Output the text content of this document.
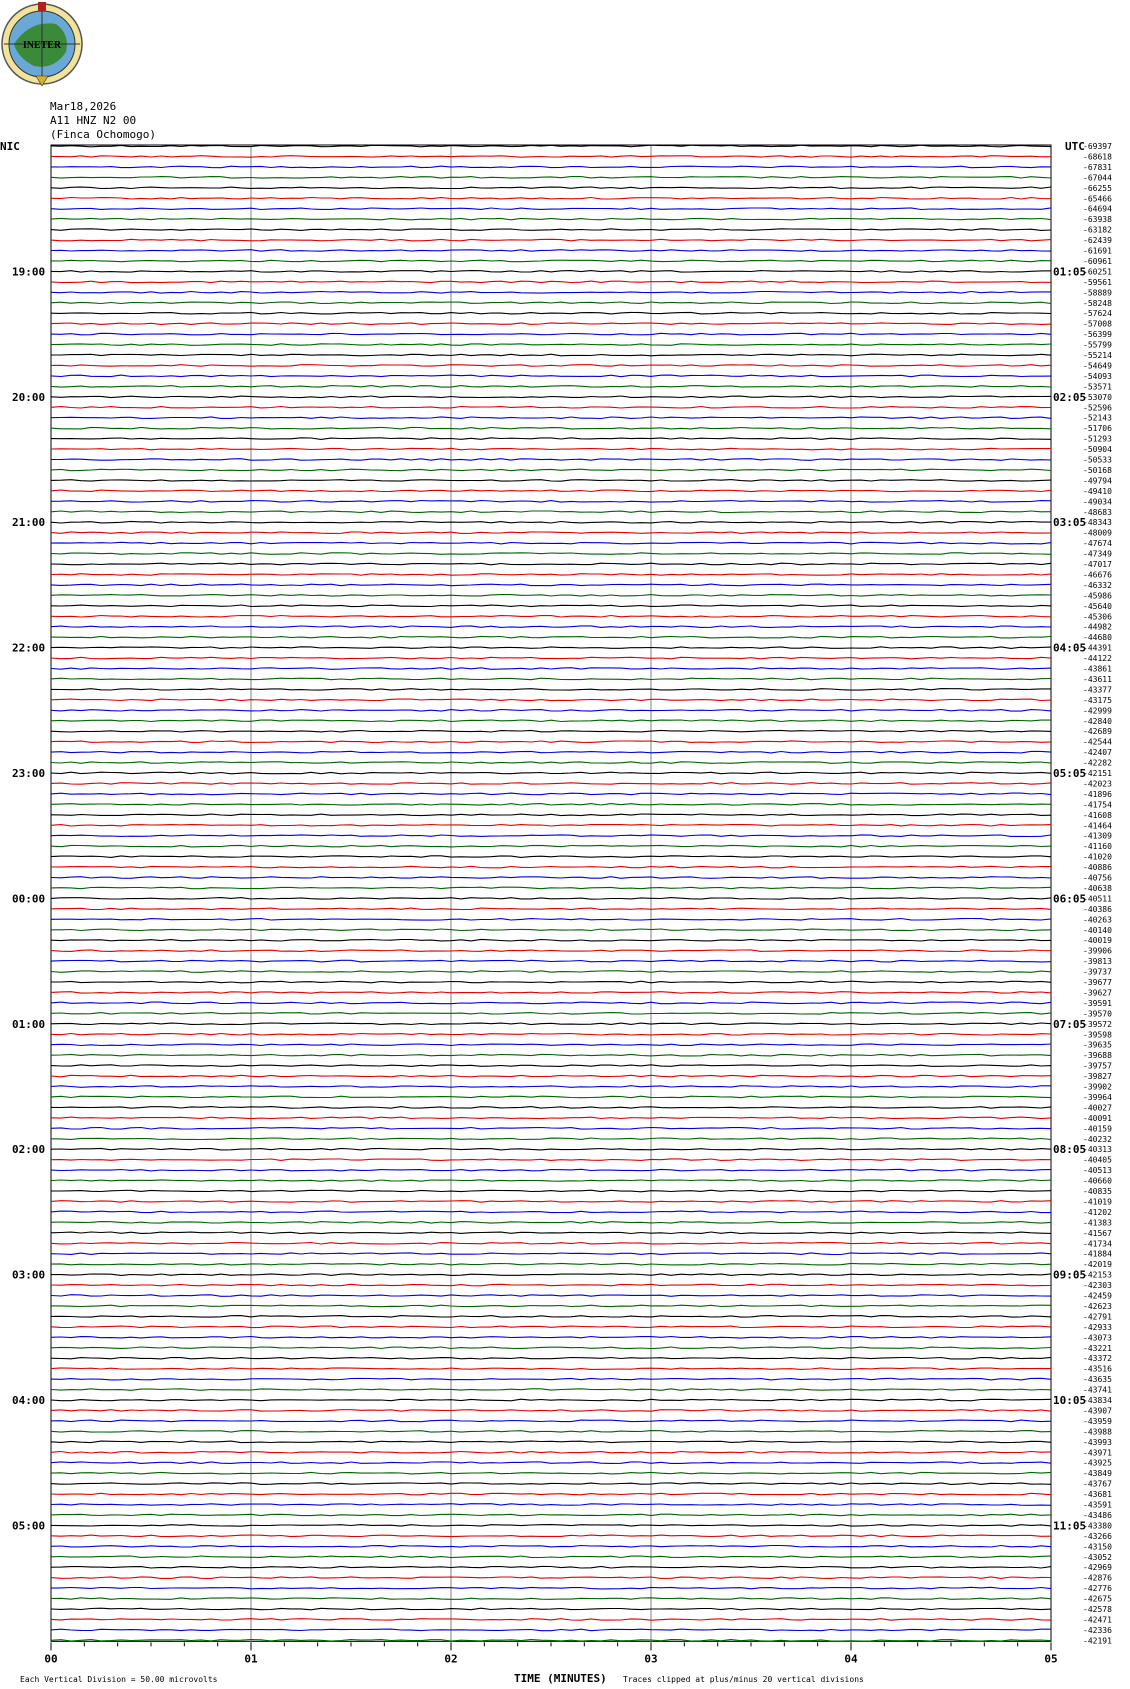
INETER
Mar18,2026
A11 HNZ N2 00
(Finca Ochomogo)
-69397
-68618
-67831
-67044
-66255
-65466
-64694
-63938
-63182
-62439
-61691
-60961
-60251
-59561
-58889
-58248
-57624
-57008
-56399
-55799
-55214
-54649
-54093
-53571
-53070
-52596
-52143
-51706
-51293
-50904
-50533
-50168
-49794
-49410
-49034
-48683
-48343
-48009
-47674
-47349
-47017
-46676
-46332
-45986
-45640
-45306
-44982
-44680
-44391
-44122
-43861
-43611
-43377
-43175
-42999
-42840
-42689
-42544
-42407
-42282
-42151
-42023
-41896
-41754
-41608
-41464
-41309
-41160
-41020
-40886
-40756
-40638
-40511
-40386
-40263
-40140
-40019
-39906
-39813
-39737
-39677
-39627
-39591
-39570
-39572
-39598
-39635
-39688
-39757
-39827
-39902
-39964
-40027
-40091
-40159
-40232
-40313
-40405
-40513
-40660
-40835
-41019
-41202
-41383
-41567
-41734
-41884
-42019
-42153
-42303
-42459
-42623
-42791
-42933
-43073
-43221
-43372
-43516
-43635
-43741
-43834
-43907
-43959
-43988
-43993
-43971
-43925
-43849
-43767
-43681
-43591
-43486
-43380
-43266
-43150
-43052
-42969
-42876
-42776
-42675
-42578
-42471
-42336
-42191
19:00
20:00
21:00
22:00
23:00
00:00
01:00
02:00
03:00
04:00
05:00
01:05
02:05
03:05
04:05
05:05
06:05
07:05
08:05
09:05
10:05
11:05
NIC	UTC
00	01	02	03	04	05
Each Vertical Division = 50.00 microvolts	TIME (MINUTES) Traces clipped at plus/minus 20 vertical divisions
